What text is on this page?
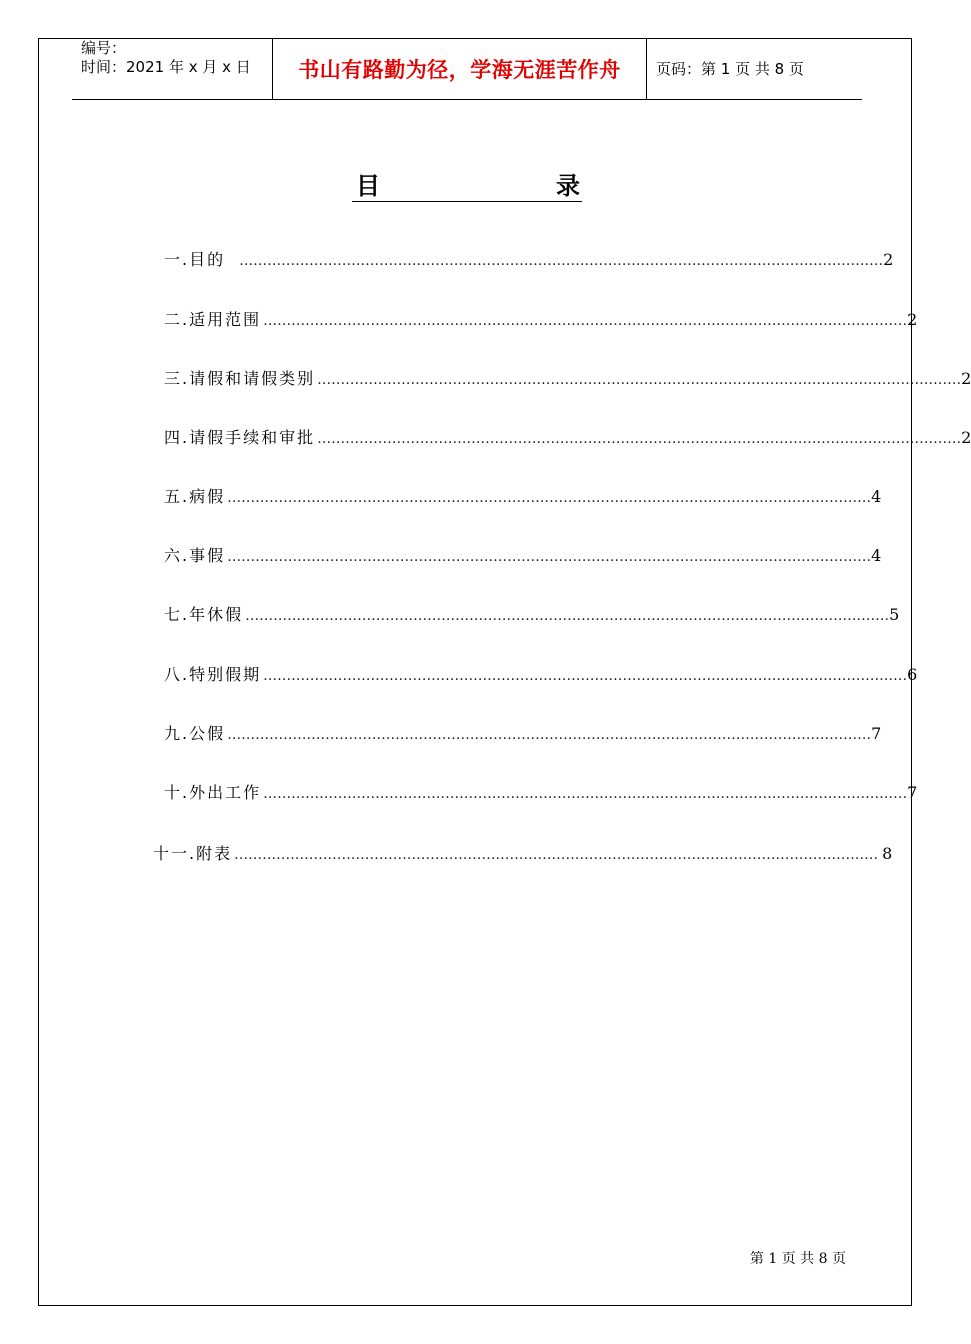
编号：
时间：2021 年 x 月 x 日	书山有路勤为径，学海无涯苦作舟	页码：第 1 页 共 8 页
目	录
一.目的	………………………………………………………………………………………………………………………… 2
二.适用范围 ………………………………………………………………………………………………………………………… 2
三.请假和请假类别 ………………………………………………………………………………………………………………………… 2
四.请假手续和审批 ………………………………………………………………………………………………………………………… 2
五.病假 ………………………………………………………………………………………………………………………… 4
六.事假 ………………………………………………………………………………………………………………………… 4
七.年休假 ………………………………………………………………………………………………………………………… 5
八.特别假期 ………………………………………………………………………………………………………………………… 6
九.公假 ………………………………………………………………………………………………………………………… 7
十.外出工作 ………………………………………………………………………………………………………………………… 7
十一.附表 ………………………………………………………………………………………………………………………… 8
第 1 页 共 8 页
